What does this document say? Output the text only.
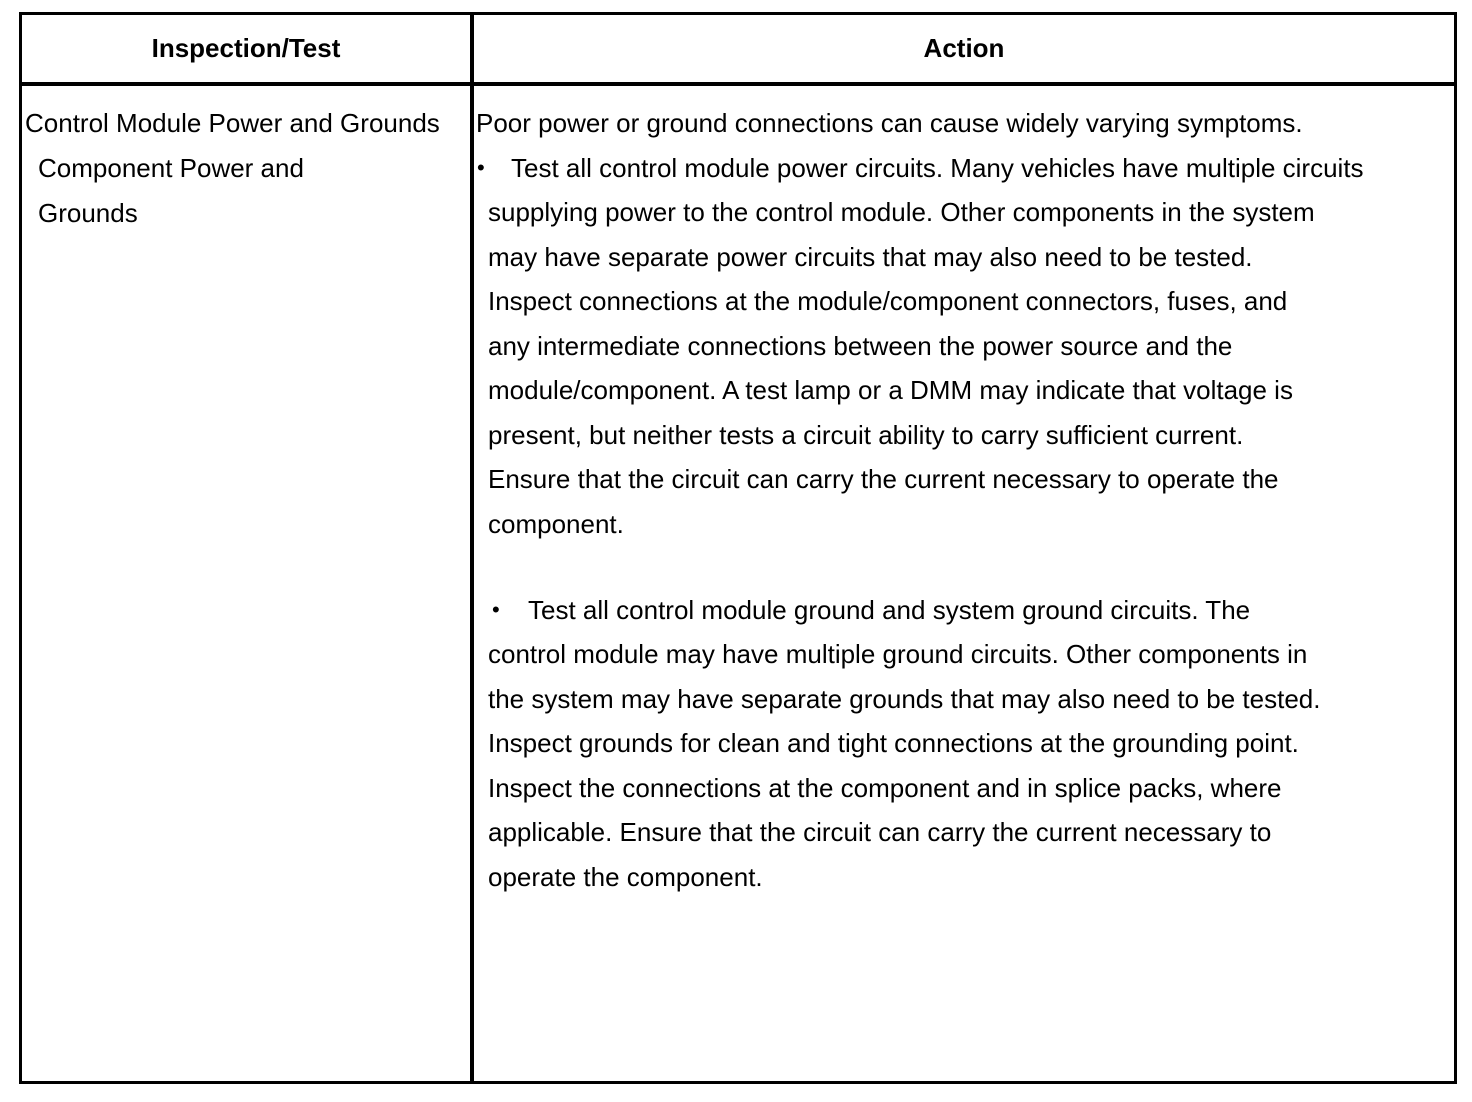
Inspection/Test	Action
Control Module Power and Grounds
Component Power and
Grounds
Poor power or ground connections can cause widely varying symptoms.
• Test all control module power circuits. Many vehicles have multiple circuits
supplying power to the control module. Other components in the system
may have separate power circuits that may also need to be tested.
Inspect connections at the module/component connectors, fuses, and
any intermediate connections between the power source and the
module/component. A test lamp or a DMM may indicate that voltage is
present, but neither tests a circuit ability to carry sufficient current.
Ensure that the circuit can carry the current necessary to operate the
component.
• Test all control module ground and system ground circuits. The
control module may have multiple ground circuits. Other components in
the system may have separate grounds that may also need to be tested.
Inspect grounds for clean and tight connections at the grounding point.
Inspect the connections at the component and in splice packs, where
applicable. Ensure that the circuit can carry the current necessary to
operate the component.
